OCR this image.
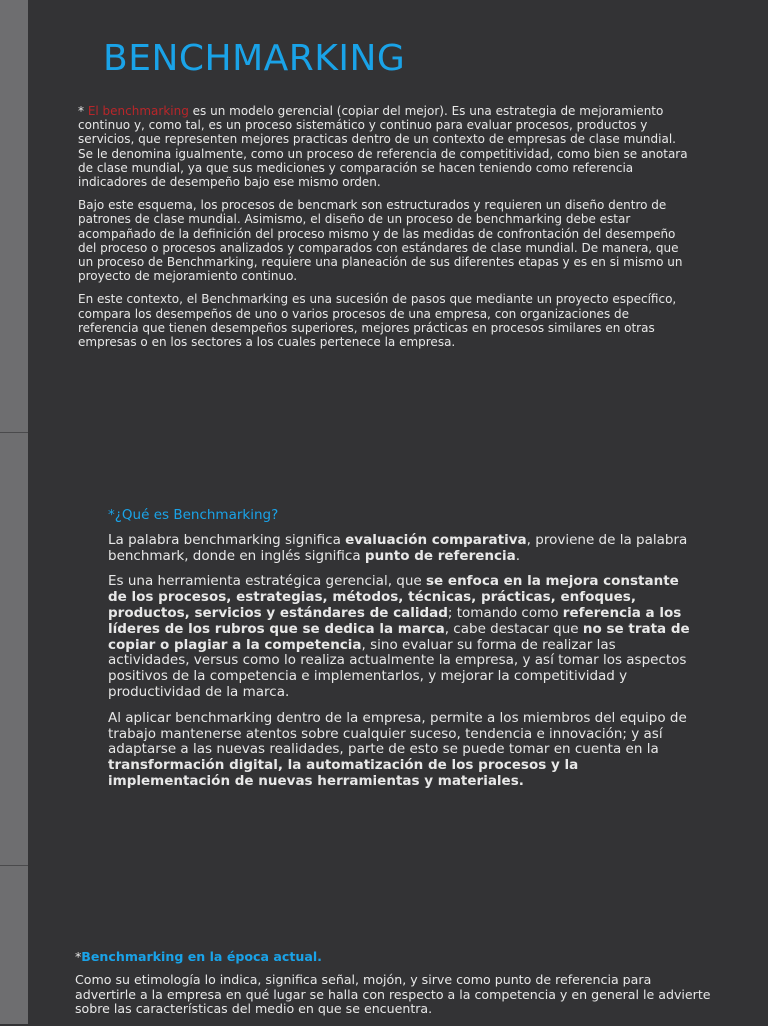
BENCHMARKING

* El benchmarking es un modelo gerencial (copiar del mejor). Es una estrategia de mejoramiento continuo y, como tal, es un proceso sistemático y continuo para evaluar procesos, productos y servicios, que representen mejores practicas dentro de un contexto de empresas de clase mundial. Se le denomina igualmente, como un proceso de referencia de competitividad, como bien se anotara de clase mundial, ya que sus mediciones y comparación se hacen teniendo como referencia indicadores de desempeño bajo ese mismo orden.

Bajo este esquema, los procesos de bencmark son estructurados y requieren un diseño dentro de patrones de clase mundial. Asimismo, el diseño de un proceso de benchmarking debe estar acompañado de la definición del proceso mismo y de las medidas de confrontación del desempeño del proceso o procesos analizados y comparados con estándares de clase mundial. De manera, que un proceso de Benchmarking, requiere una planeación de sus diferentes etapas y es en si mismo un proyecto de mejoramiento continuo.

En este contexto, el Benchmarking es una sucesión de pasos que mediante un proyecto específico, compara los desempeños de uno o varios procesos de una empresa, con organizaciones de referencia que tienen desempeños superiores, mejores prácticas en procesos similares en otras empresas o en los sectores a los cuales pertenece la empresa.

*¿Qué es Benchmarking?

La palabra benchmarking significa evaluación comparativa, proviene de la palabra benchmark, donde en inglés significa punto de referencia.

Es una herramienta estratégica gerencial, que se enfoca en la mejora constante de los procesos, estrategias, métodos, técnicas, prácticas, enfoques, productos, servicios y estándares de calidad; tomando como referencia a los líderes de los rubros que se dedica la marca, cabe destacar que no se trata de copiar o plagiar a la competencia, sino evaluar su forma de realizar las actividades, versus como lo realiza actualmente la empresa, y así tomar los aspectos positivos de la competencia e implementarlos, y mejorar la competitividad y productividad de la marca.

Al aplicar benchmarking dentro de la empresa, permite a los miembros del equipo de trabajo mantenerse atentos sobre cualquier suceso, tendencia e innovación; y así adaptarse a las nuevas realidades, parte de esto se puede tomar en cuenta en la transformación digital, la automatización de los procesos y la implementación de nuevas herramientas y materiales.

*Benchmarking en la época actual.

Como su etimología lo indica, significa señal, mojón, y sirve como punto de referencia para advertirle a la empresa en qué lugar se halla con respecto a la competencia y en general le advierte sobre las características del medio en que se encuentra.
